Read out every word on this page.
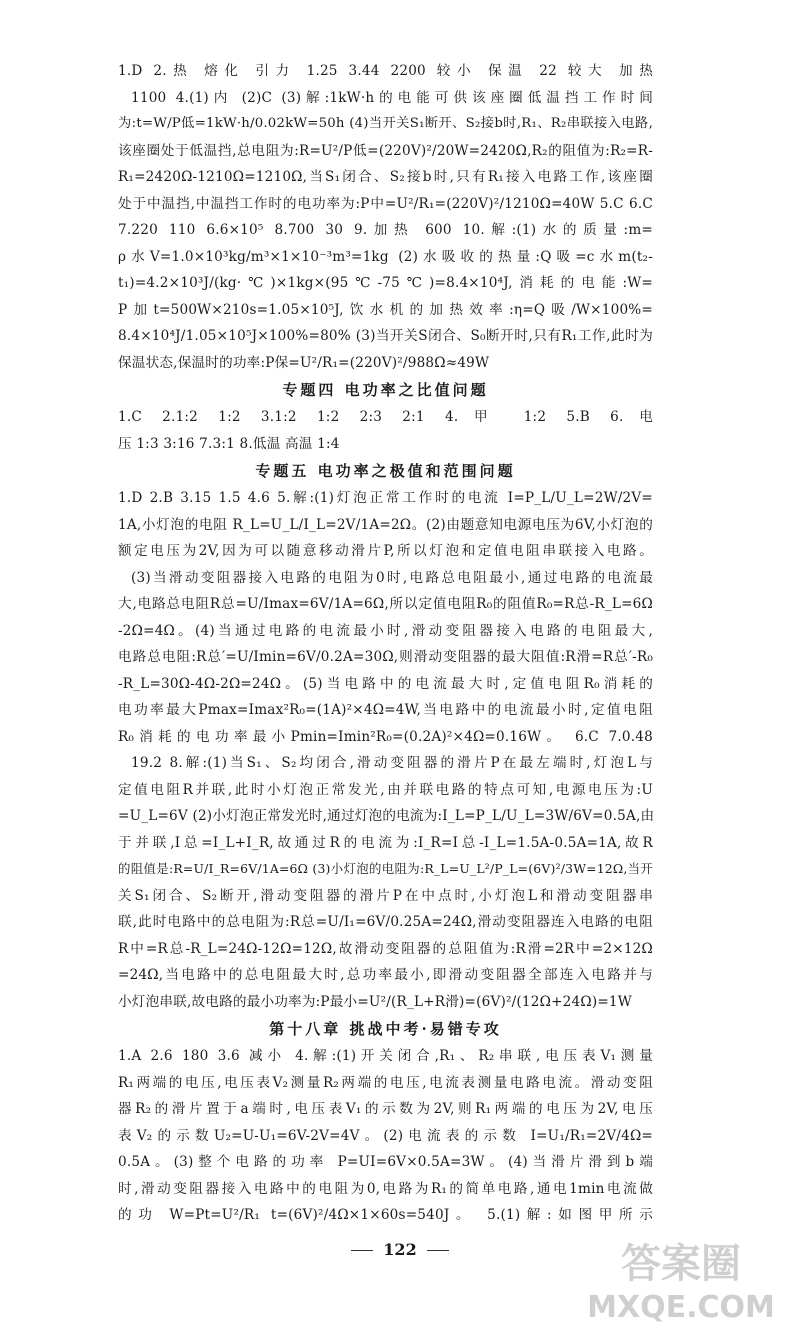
1.D 2.热 熔化 引力 1.25 3.44 2200 较小 保温 22 较大 加热
1100 4.(1)内 (2)C (3)解:1kW·h的电能可供该座圈低温挡工作时间
为:t=W/P低=1kW·h/0.02kW=50h (4)当开关S₁断开、S₂接b时,R₁、R₂串联接入电路,
该座圈处于低温挡,总电阻为:R=U²/P低=(220V)²/20W=2420Ω,R₂的阻值为:R₂=R-
R₁=2420Ω-1210Ω=1210Ω,当S₁闭合、S₂接b时,只有R₁接入电路工作,该座圈
处于中温挡,中温挡工作时的电功率为:P中=U²/R₁=(220V)²/1210Ω=40W 5.C 6.C
7.220 110 6.6×10⁵ 8.700 30 9.加热 600 10.解:(1)水的质量:m=
ρ水V=1.0×10³kg/m³×1×10⁻³m³=1kg (2)水吸收的热量:Q吸=c水m(t₂-
t₁)=4.2×10³J/(kg·℃)×1kg×(95℃-75℃)=8.4×10⁴J,消耗的电能:W=
P加t=500W×210s=1.05×10⁵J,饮水机的加热效率:η=Q吸/W×100%=
8.4×10⁴J/1.05×10⁵J×100%=80% (3)当开关S闭合、S₀断开时,只有R₁工作,此时为
保温状态,保温时的功率:P保=U²/R₁=(220V)²/988Ω≈49W
专题四 电功率之比值问题
1.C 2.1:2 1:2 3.1:2 1:2 2:3 2:1 4.甲 1:2 5.B 6.电
压 1:3 3:16 7.3:1 8.低温 高温 1:4
专题五 电功率之极值和范围问题
1.D 2.B 3.15 1.5 4.6 5.解:(1)灯泡正常工作时的电流 I=P_L/U_L=2W/2V=
1A,小灯泡的电阻 R_L=U_L/I_L=2V/1A=2Ω。(2)由题意知电源电压为6V,小灯泡的
额定电压为2V,因为可以随意移动滑片P,所以灯泡和定值电阻串联接入电路。
(3)当滑动变阻器接入电路的电阻为0时,电路总电阻最小,通过电路的电流最
大,电路总电阻R总=U/Imax=6V/1A=6Ω,所以定值电阻R₀的阻值R₀=R总-R_L=6Ω
-2Ω=4Ω。(4)当通过电路的电流最小时,滑动变阻器接入电路的电阻最大,
电路总电阻:R总′=U/Imin=6V/0.2A=30Ω,则滑动变阻器的最大阻值:R滑=R总′-R₀
-R_L=30Ω-4Ω-2Ω=24Ω。(5)当电路中的电流最大时,定值电阻R₀消耗的
电功率最大Pmax=Imax²R₀=(1A)²×4Ω=4W,当电路中的电流最小时,定值电阻
R₀消耗的电功率最小Pmin=Imin²R₀=(0.2A)²×4Ω=0.16W。 6.C 7.0.48
19.2 8.解:(1)当S₁、S₂均闭合,滑动变阻器的滑片P在最左端时,灯泡L与
定值电阻R并联,此时小灯泡正常发光,由并联电路的特点可知,电源电压为:U
=U_L=6V (2)小灯泡正常发光时,通过灯泡的电流为:I_L=P_L/U_L=3W/6V=0.5A,由
于并联,I总=I_L+I_R,故通过R的电流为:I_R=I总-I_L=1.5A-0.5A=1A,故R
的阻值是:R=U/I_R=6V/1A=6Ω (3)小灯泡的电阻为:R_L=U_L²/P_L=(6V)²/3W=12Ω,当开
关S₁闭合、S₂断开,滑动变阻器的滑片P在中点时,小灯泡L和滑动变阻器串
联,此时电路中的总电阻为:R总=U/I₁=6V/0.25A=24Ω,滑动变阻器连入电路的电阻
R中=R总-R_L=24Ω-12Ω=12Ω,故滑动变阻器的总阻值为:R滑=2R中=2×12Ω
=24Ω,当电路中的总电阻最大时,总功率最小,即滑动变阻器全部连入电路并与
小灯泡串联,故电路的最小功率为:P最小=U²/(R_L+R滑)=(6V)²/(12Ω+24Ω)=1W
第十八章 挑战中考·易错专攻
1.A 2.6 180 3.6 减小 4.解:(1)开关闭合,R₁、R₂串联,电压表V₁测量
R₁两端的电压,电压表V₂测量R₂两端的电压,电流表测量电路电流。滑动变阻
器R₂的滑片置于a端时,电压表V₁的示数为2V,则R₁两端的电压为2V,电压
表V₂的示数U₂=U-U₁=6V-2V=4V。(2)电流表的示数 I=U₁/R₁=2V/4Ω=
0.5A。(3)整个电路的功率 P=UI=6V×0.5A=3W。(4)当滑片滑到b端
时,滑动变阻器接入电路中的电阻为0,电路为R₁的简单电路,通电1min电流做
的功 W=Pt=U²/R₁ t=(6V)²/4Ω×1×60s=540J。 5.(1)解:如图甲所示
122	答案圈
MXQE.COM
